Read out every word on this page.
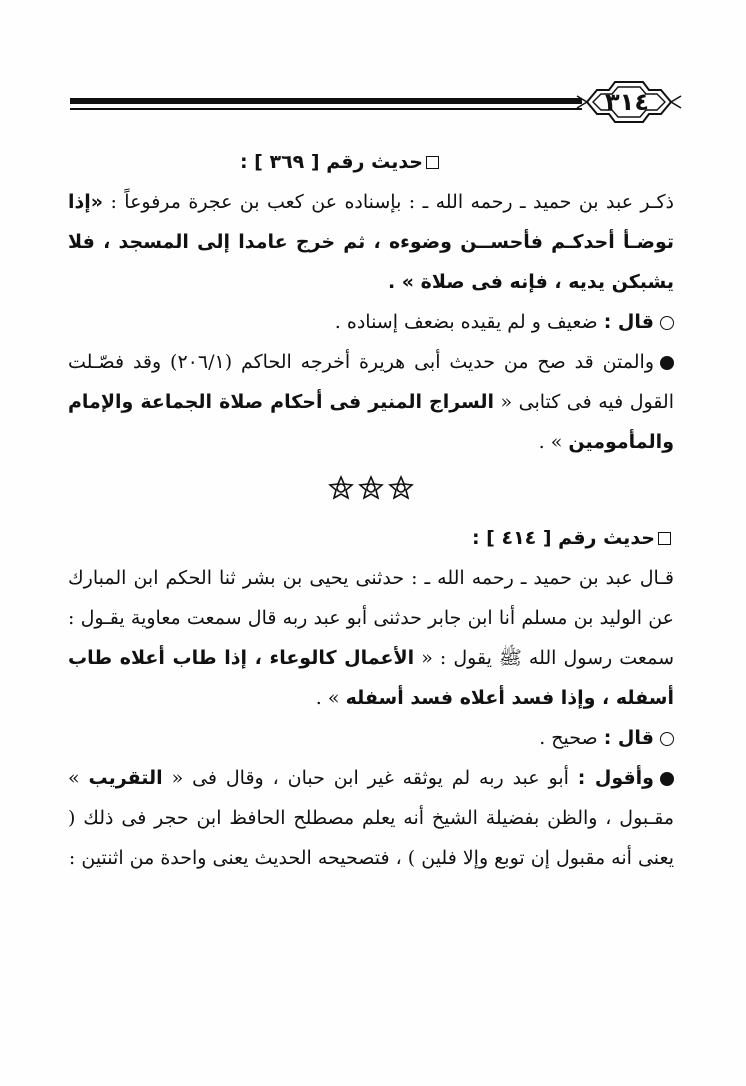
٣١٤

حديث رقم [ ٣٦٩ ] :

ذكـر عبد بن حميد ـ رحمه الله ـ : بإسناده عن كعب بن عجرة مرفوعاً : «إذا توضـأ أحدكـم فأحســن وضوءه ، ثم خرج عامدا إلى المسجد ، فلا يشبكن يديه ، فإنه فى صلاة » .

قال : ضعيف و لم يقيده بضعف إسناده .

والمتن قد صح من حديث أبى هريرة أخرجه الحاكم (٢٠٦/١) وقد فصّـلت القول فيه فى كتابى « السراج المنير فى أحكام صلاة الجماعة والإمام والمأمومين » .

حديث رقم [ ٤١٤ ] :

قـال عبد بن حميد ـ رحمه الله ـ : حدثنى يحيى بن بشر ثنا الحكم ابن المبارك عن الوليد بن مسلم أنا ابن جابر حدثنى أبو عبد ربه قال سمعت معاوية يقـول : سمعت رسول الله ﷺ يقول : « الأعمال كالوعاء ، إذا طاب أعلاه طاب أسفله ، وإذا فسد أعلاه فسد أسفله » .

قال : صحيح .

وأقول : أبو عبد ربه لم يوثقه غير ابن حبان ، وقال فى « التقريب » مقـبول ، والظن بفضيلة الشيخ أنه يعلم مصطلح الحافظ ابن حجر فى ذلك ( يعنى أنه مقبول إن توبع وإلا فلين ) ، فتصحيحه الحديث يعنى واحدة من اثنتين :
